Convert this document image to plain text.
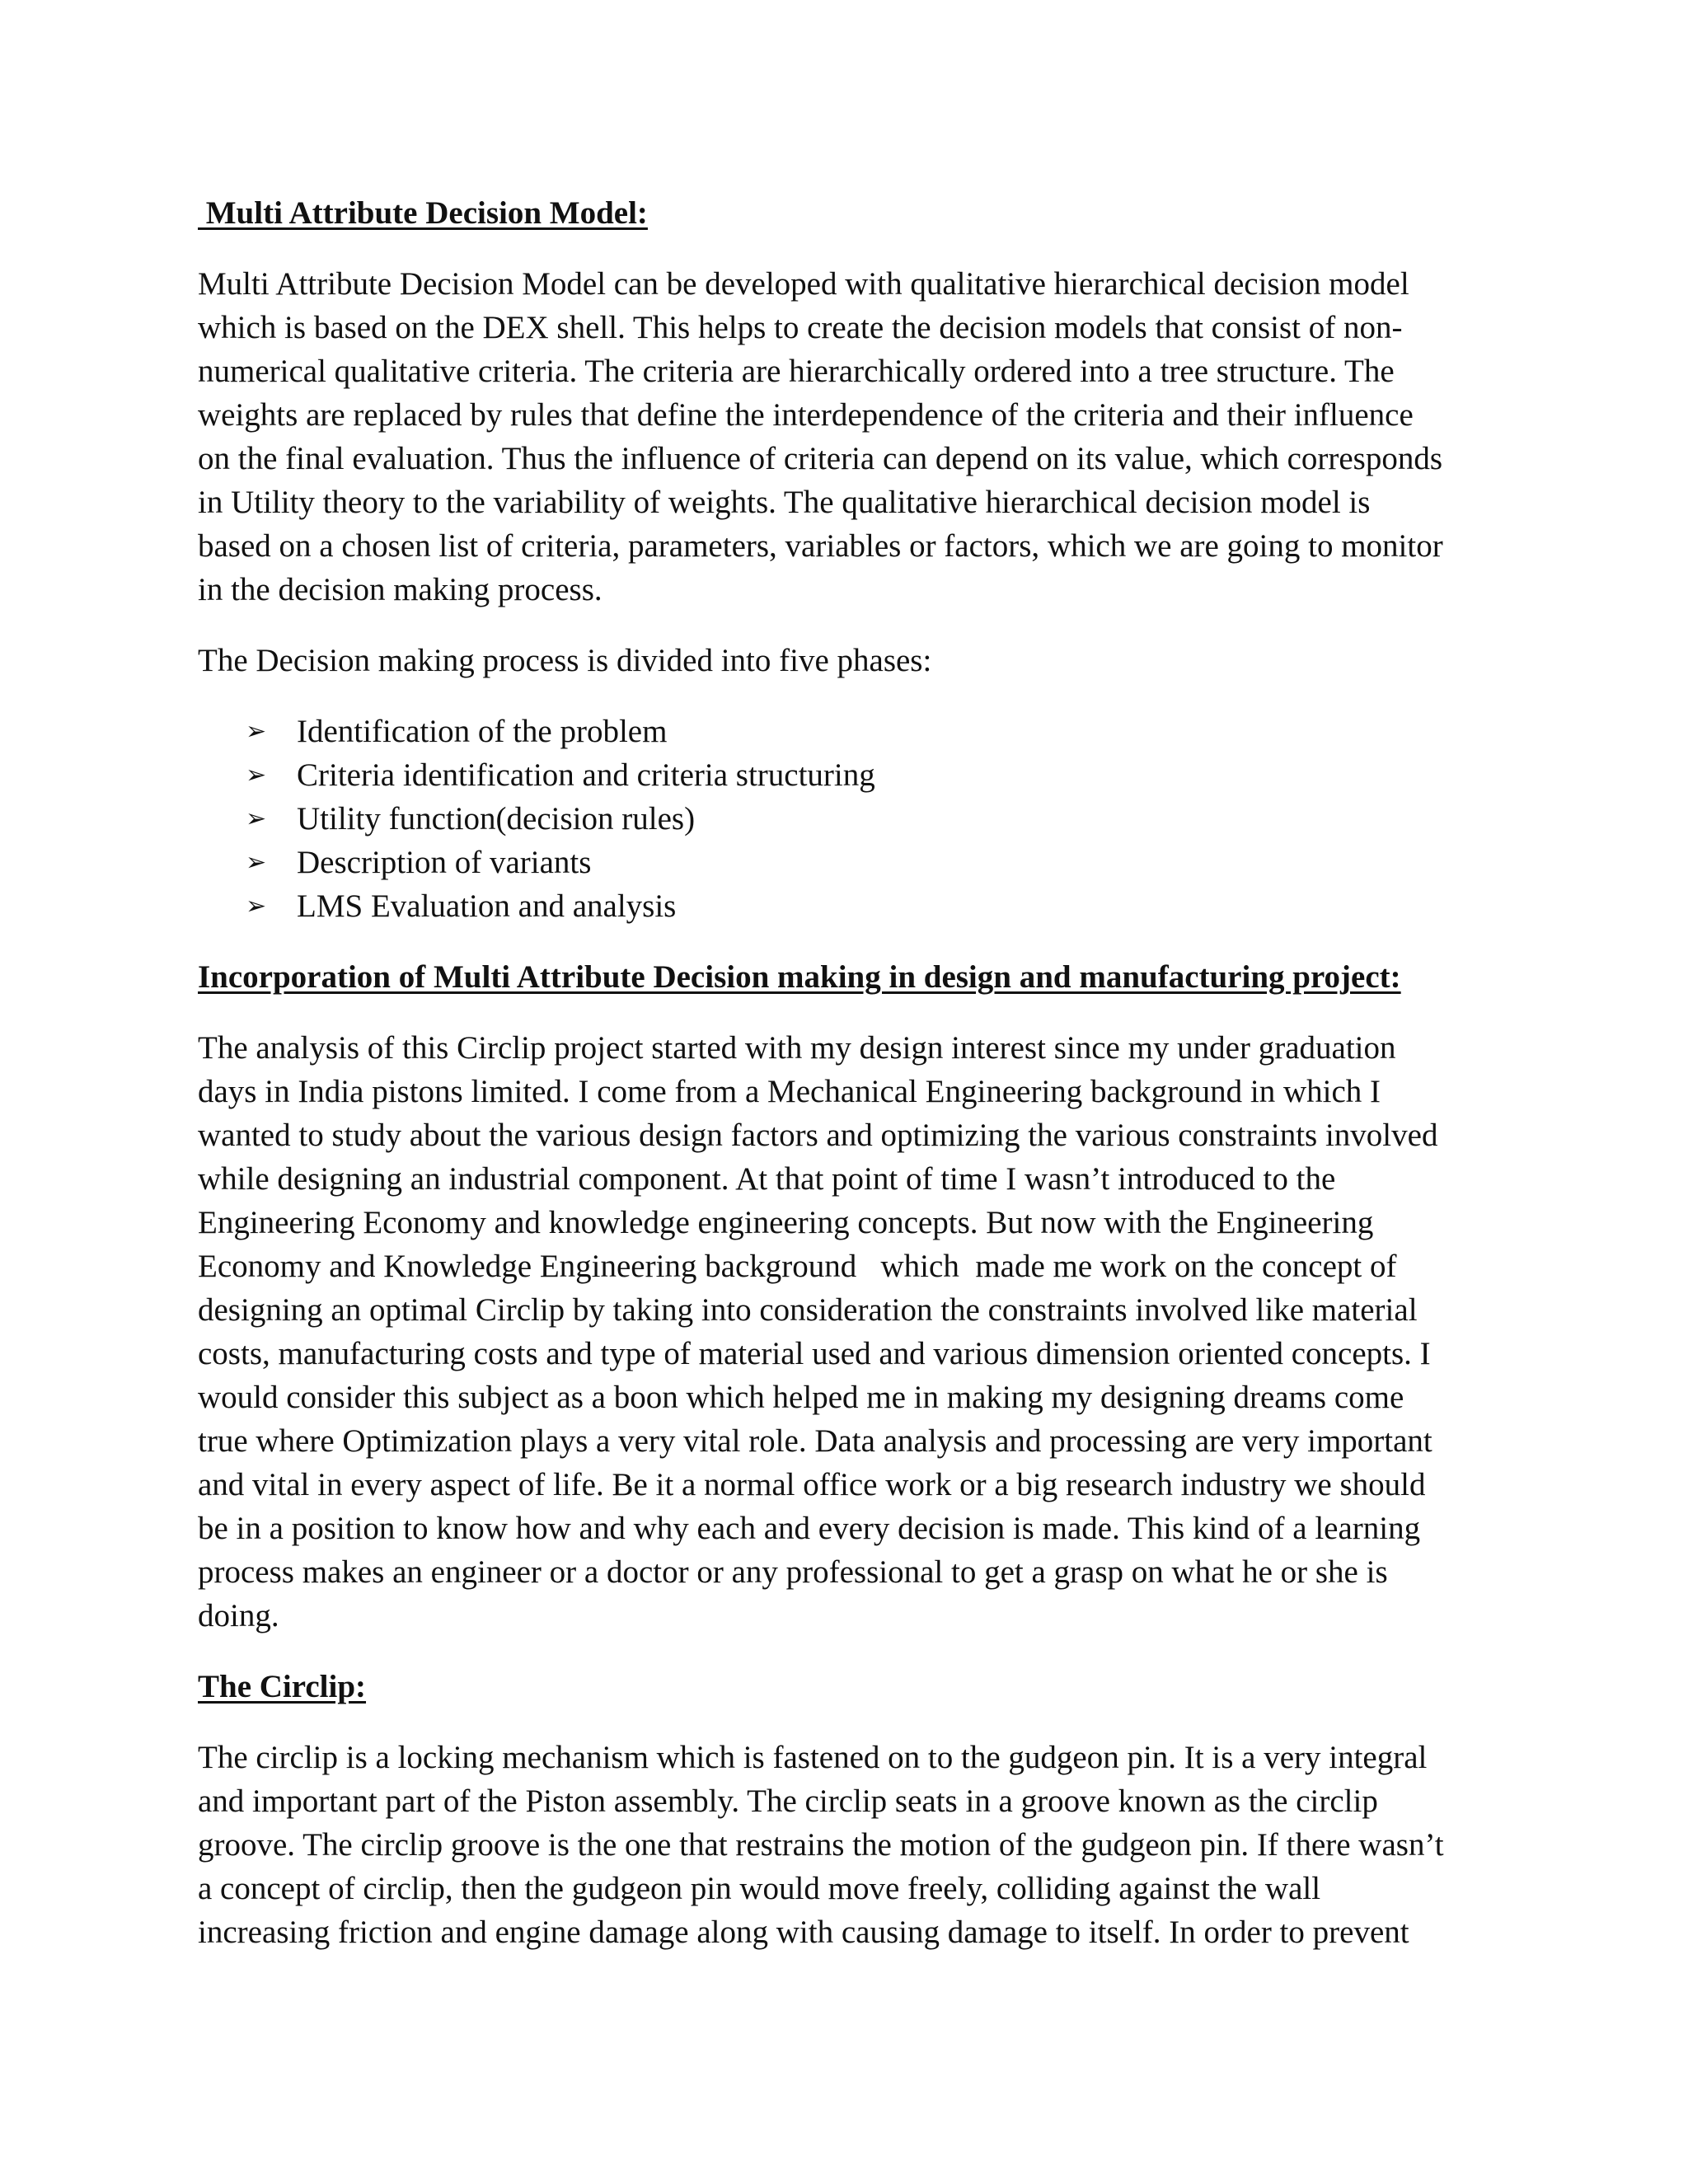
Multi Attribute Decision Model:

Multi Attribute Decision Model can be developed with qualitative hierarchical decision model
which is based on the DEX shell. This helps to create the decision models that consist of non-
numerical qualitative criteria. The criteria are hierarchically ordered into a tree structure. The
weights are replaced by rules that define the interdependence of the criteria and their influence
on the final evaluation. Thus the influence of criteria can depend on its value, which corresponds
in Utility theory to the variability of weights. The qualitative hierarchical decision model is
based on a chosen list of criteria, parameters, variables or factors, which we are going to monitor
in the decision making process.

The Decision making process is divided into five phases:

➢ Identification of the problem
➢ Criteria identification and criteria structuring
➢ Utility function(decision rules)
➢ Description of variants
➢ LMS Evaluation and analysis

Incorporation of Multi Attribute Decision making in design and manufacturing project:

The analysis of this Circlip project started with my design interest since my under graduation
days in India pistons limited. I come from a Mechanical Engineering background in which I
wanted to study about the various design factors and optimizing the various constraints involved
while designing an industrial component. At that point of time I wasn’t introduced to the
Engineering Economy and knowledge engineering concepts. But now with the Engineering
Economy and Knowledge Engineering background   which  made me work on the concept of
designing an optimal Circlip by taking into consideration the constraints involved like material
costs, manufacturing costs and type of material used and various dimension oriented concepts. I
would consider this subject as a boon which helped me in making my designing dreams come
true where Optimization plays a very vital role. Data analysis and processing are very important
and vital in every aspect of life. Be it a normal office work or a big research industry we should
be in a position to know how and why each and every decision is made. This kind of a learning
process makes an engineer or a doctor or any professional to get a grasp on what he or she is
doing.

The Circlip:

The circlip is a locking mechanism which is fastened on to the gudgeon pin. It is a very integral
and important part of the Piston assembly. The circlip seats in a groove known as the circlip
groove. The circlip groove is the one that restrains the motion of the gudgeon pin. If there wasn’t
a concept of circlip, then the gudgeon pin would move freely, colliding against the wall
increasing friction and engine damage along with causing damage to itself. In order to prevent
